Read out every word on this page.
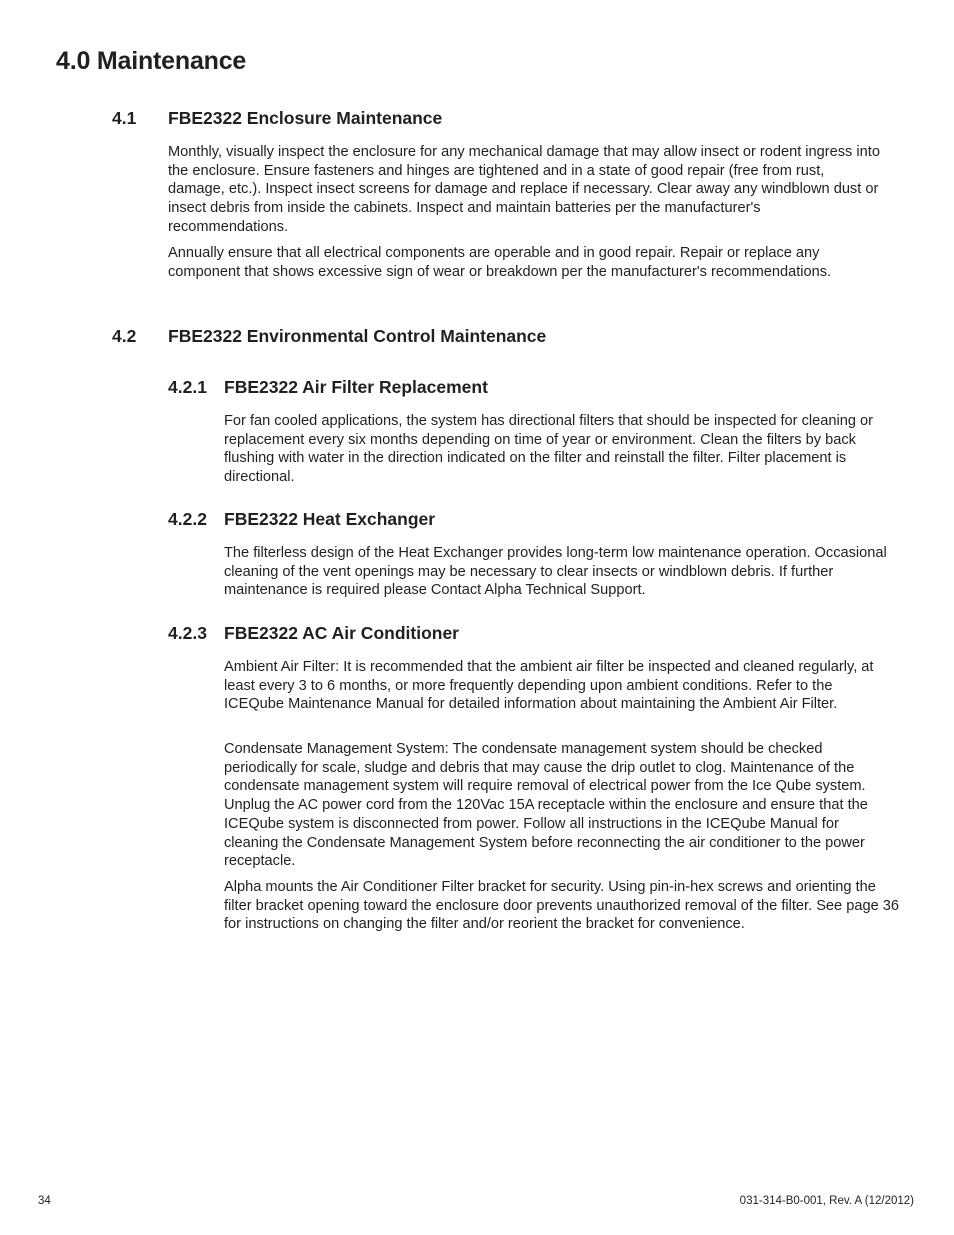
4.0 Maintenance
4.1 FBE2322 Enclosure Maintenance

Monthly, visually inspect the enclosure for any mechanical damage that may allow insect or rodent ingress into the enclosure. Ensure fasteners and hinges are tightened and in a state of good repair (free from rust, damage, etc.). Inspect insect screens for damage and replace if necessary. Clear away any windblown dust or insect debris from inside the cabinets. Inspect and maintain batteries per the manufacturer's recommendations.

Annually ensure that all electrical components are operable and in good repair. Repair or replace any component that shows excessive sign of wear or breakdown per the manufacturer's recommendations.

4.2 FBE2322 Environmental Control Maintenance
4.2.1 FBE2322 Air Filter Replacement

For fan cooled applications, the system has directional filters that should be inspected for cleaning or replacement every six months depending on time of year or environment. Clean the filters by back flushing with water in the direction indicated on the filter and reinstall the filter. Filter placement is directional.

4.2.2 FBE2322 Heat Exchanger

The filterless design of the Heat Exchanger provides long-term low maintenance operation. Occasional cleaning of the vent openings may be necessary to clear insects or windblown debris. If further maintenance is required please Contact Alpha Technical Support.

4.2.3 FBE2322 AC Air Conditioner

Ambient Air Filter: It is recommended that the ambient air filter be inspected and cleaned regularly, at least every 3 to 6 months, or more frequently depending upon ambient conditions. Refer to the ICEQube Maintenance Manual for detailed information about maintaining the Ambient Air Filter.

Condensate Management System: The condensate management system should be checked periodically for scale, sludge and debris that may cause the drip outlet to clog. Maintenance of the condensate management system will require removal of electrical power from the Ice Qube system. Unplug the AC power cord from the 120Vac 15A receptacle within the enclosure and ensure that the ICEQube system is disconnected from power. Follow all instructions in the ICEQube Manual for cleaning the Condensate Management System before reconnecting the air conditioner to the power receptacle.

Alpha mounts the Air Conditioner Filter bracket for security. Using pin-in-hex screws and orienting the filter bracket opening toward the enclosure door prevents unauthorized removal of the filter. See page 36 for instructions on changing the filter and/or reorient the bracket for convenience.

34	031-314-B0-001, Rev. A (12/2012)
